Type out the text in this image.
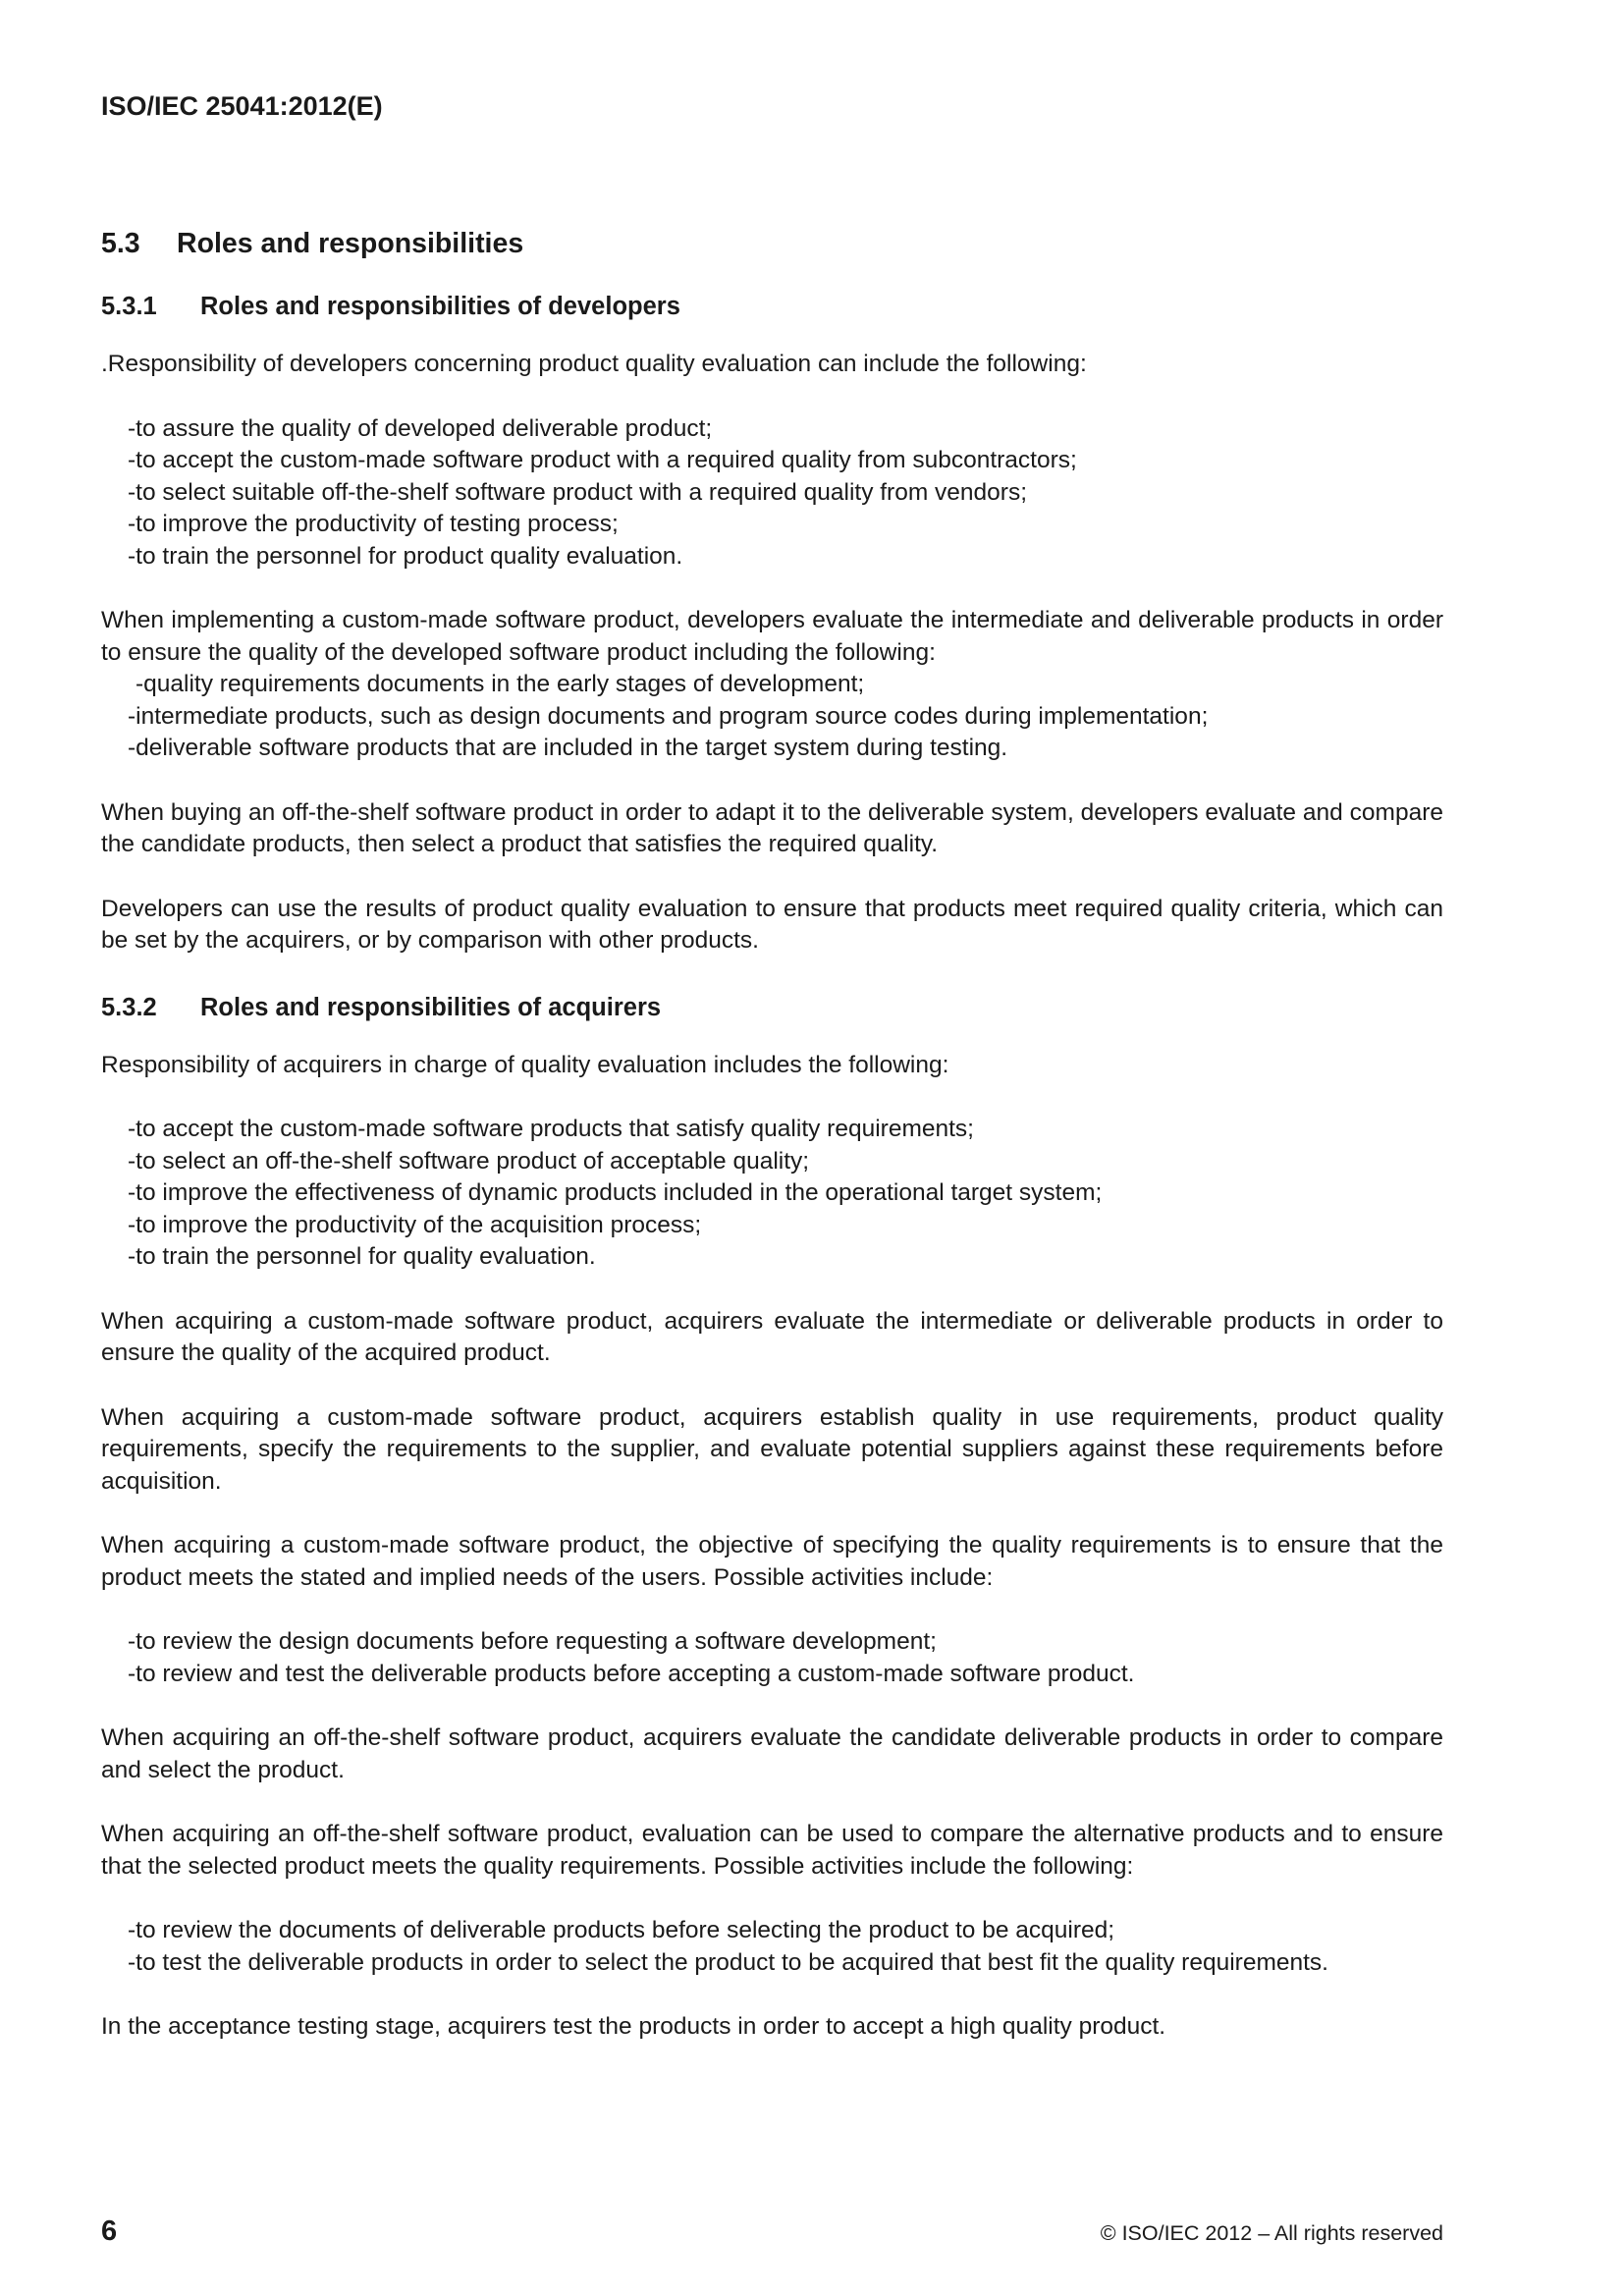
ISO/IEC 25041:2012(E)
5.3	Roles and responsibilities
5.3.1	Roles and responsibilities of developers

.Responsibility of developers concerning product quality evaluation can include the following:

-to assure the quality of developed deliverable product;
-to accept the custom-made software product with a required quality from subcontractors;
-to select suitable off-the-shelf software product with a required quality from vendors;
-to improve the productivity of testing process;
-to train the personnel for product quality evaluation.

When implementing a custom-made software product, developers evaluate the intermediate and deliverable products in order to ensure the quality of the developed software product including the following:

-quality requirements documents in the early stages of development;
-intermediate products, such as design documents and program source codes during implementation;
-deliverable software products that are included in the target system during testing.

When buying an off-the-shelf software product in order to adapt it to the deliverable system, developers evaluate and compare the candidate products, then select a product that satisfies the required quality.

Developers can use the results of product quality evaluation to ensure that products meet required quality criteria, which can be set by the acquirers, or by comparison with other products.

5.3.2	Roles and responsibilities of acquirers

Responsibility of acquirers in charge of quality evaluation includes the following:

-to accept the custom-made software products that satisfy quality requirements;
-to select an off-the-shelf software product of acceptable quality;
-to improve the effectiveness of dynamic products included in the operational target system;
-to improve the productivity of the acquisition process;
-to train the personnel for quality evaluation.

When acquiring a custom-made software product, acquirers evaluate the intermediate or deliverable products in order to ensure the quality of the acquired product.

When acquiring a custom-made software product, acquirers establish quality in use requirements, product quality requirements, specify the requirements to the supplier, and evaluate potential suppliers against these requirements before acquisition.

When acquiring a custom-made software product, the objective of specifying the quality requirements is to ensure that the product meets the stated and implied needs of the users. Possible activities include:

-to review the design documents before requesting a software development;
-to review and test the deliverable products before accepting a custom-made software product.

When acquiring an off-the-shelf software product, acquirers evaluate the candidate deliverable products in order to compare and select the product.

When acquiring an off-the-shelf software product, evaluation can be used to compare the alternative products and to ensure that the selected product meets the quality requirements. Possible activities include the following:

-to review the documents of deliverable products before selecting the product to be acquired;
-to test the deliverable products in order to select the product to be acquired that best fit the quality requirements.

In the acceptance testing stage, acquirers test the products in order to accept a high quality product.

6	© ISO/IEC 2012 – All rights reserved
